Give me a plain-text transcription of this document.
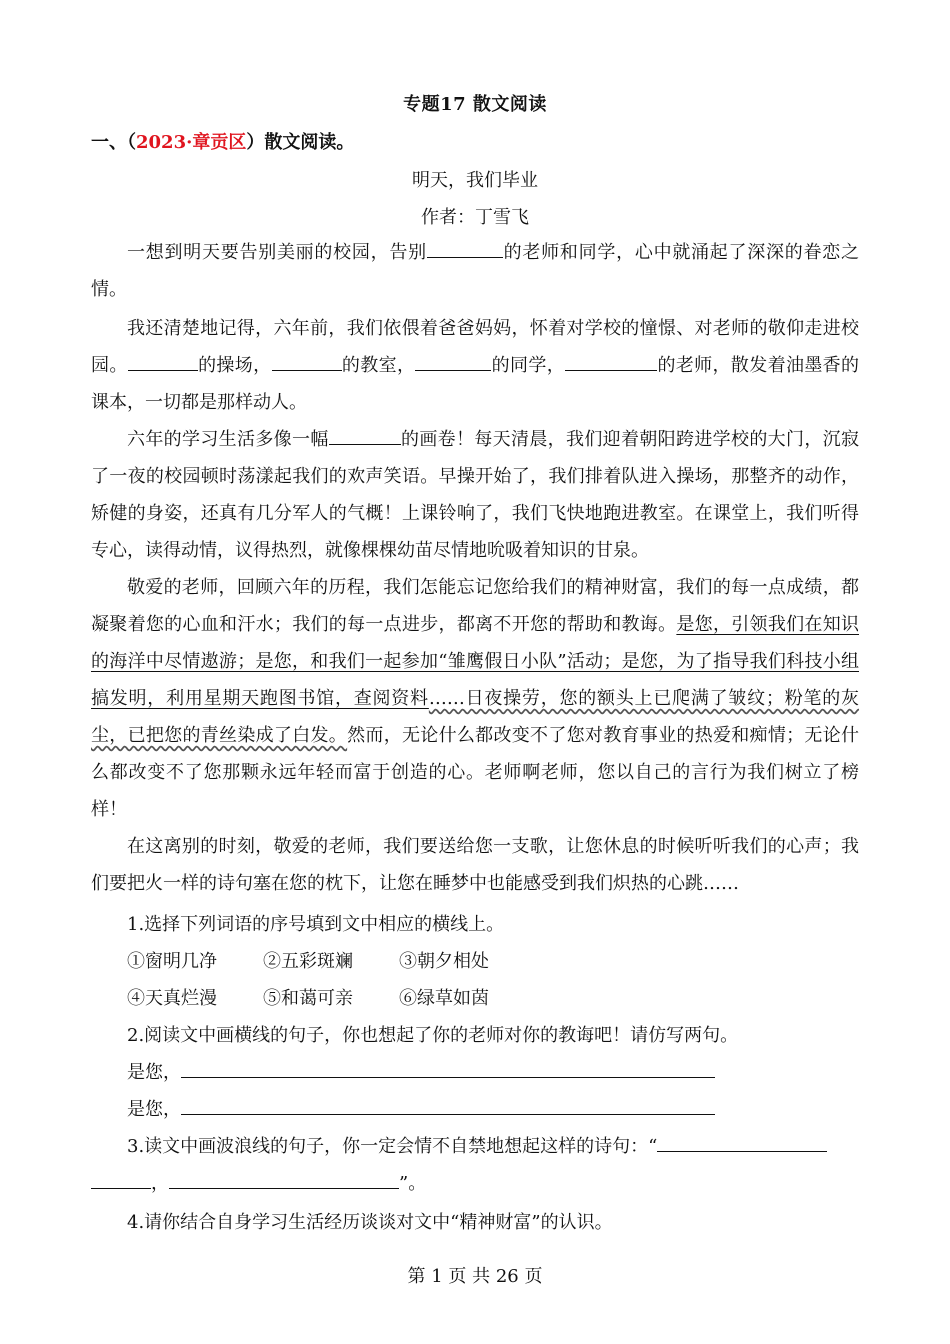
专题17 散文阅读
一、（2023·章贡区）散文阅读。
明天，我们毕业
作者：丁雪飞

一想到明天要告别美丽的校园，告别	的老师和同学，心中就涌起了深深的眷恋之情。

我还清楚地记得，六年前，我们依偎着爸爸妈妈，怀着对学校的憧憬、对老师的敬仰走进校园。	的操场，	的教室，	的同学，	的老师，散发着油墨香的课本，一切都是那样动人。

六年的学习生活多像一幅	的画卷！每天清晨，我们迎着朝阳跨进学校的大门，沉寂了一夜的校园顿时荡漾起我们的欢声笑语。早操开始了，我们排着队进入操场，那整齐的动作，矫健的身姿，还真有几分军人的气概！上课铃响了，我们飞快地跑进教室。在课堂上，我们听得专心，读得动情，议得热烈，就像棵棵幼苗尽情地吮吸着知识的甘泉。

敬爱的老师，回顾六年的历程，我们怎能忘记您给我们的精神财富，我们的每一点成绩，都凝聚着您的心血和汗水；我们的每一点进步，都离不开您的帮助和教诲。是您，引领我们在知识的海洋中尽情遨游；是您，和我们一起参加“雏鹰假日小队”活动；是您，为了指导我们科技小组搞发明，利用星期天跑图书馆，查阅资料……日夜操劳，您的额头上已爬满了皱纹；粉笔的灰尘，已把您的青丝染成了白发。然而，无论什么都改变不了您对教育事业的热爱和痴情；无论什么都改变不了您那颗永远年轻而富于创造的心。老师啊老师，您以自己的言行为我们树立了榜样！

在这离别的时刻，敬爱的老师，我们要送给您一支歌，让您休息的时候听听我们的心声；我们要把火一样的诗句塞在您的枕下，让您在睡梦中也能感受到我们炽热的心跳……

1.选择下列词语的序号填到文中相应的横线上。
①窗明几净	②五彩斑斓	③朝夕相处
④天真烂漫	⑤和蔼可亲	⑥绿草如茵
2.阅读文中画横线的句子，你也想起了你的老师对你的教诲吧！请仿写两句。
是您，
是您，
3.读文中画波浪线的句子，你一定会情不自禁地想起这样的诗句：“
，	”。
4.请你结合自身学习生活经历谈谈对文中“精神财富”的认识。
第 1 页 共 26 页
